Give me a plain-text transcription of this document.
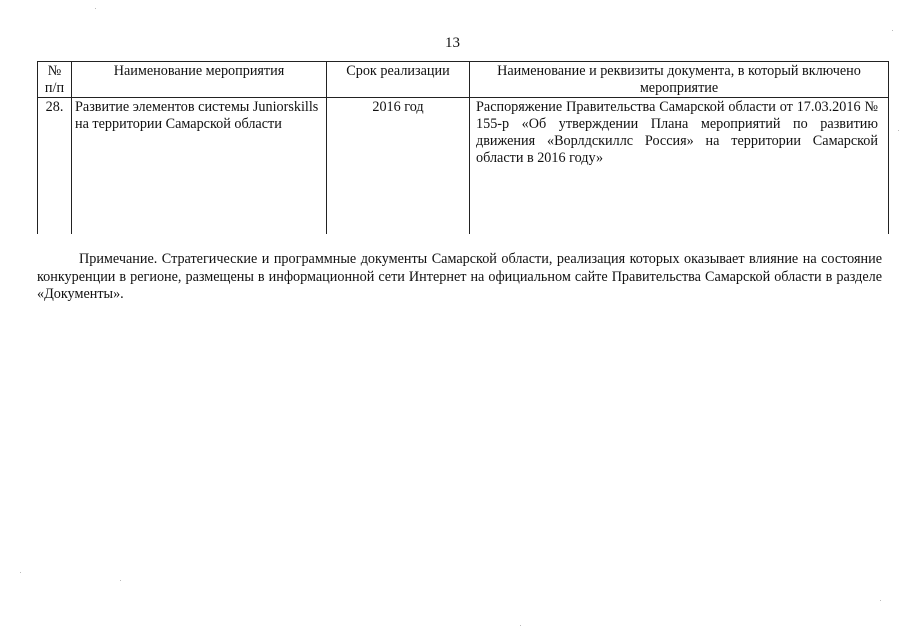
13
№ п/п	Наименование мероприятия	Срок реализации	Наименование и реквизиты документа, в который включено мероприятие
28.	Развитие элементов системы Juniorskills на территории Самарской области	2016 год	Распоряжение Правительства Самарской области от 17.03.2016 № 155-р «Об утверждении Плана мероприятий по развитию движения «Ворлдскиллс Россия» на территории Самарской области в 2016 году»

Примечание. Стратегические и программные документы Самарской области, реализация которых оказывает влияние на состояние конкуренции в регионе, размещены в информационной сети Интернет на официальном сайте Правительства Самарской области в разделе «Документы».
